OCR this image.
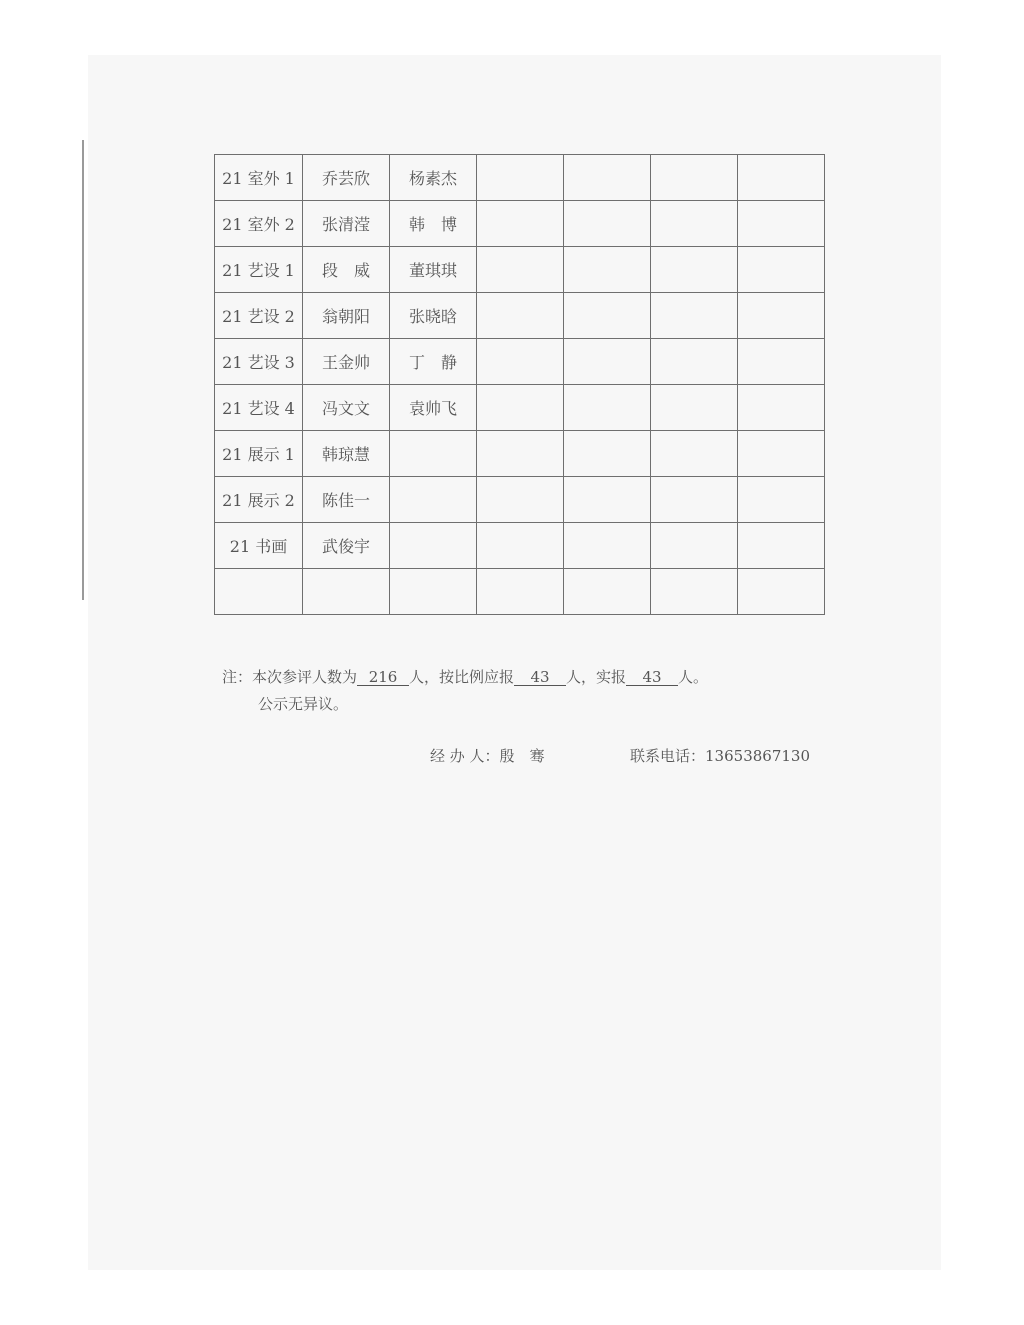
21 室外 1	乔芸欣	杨素杰				
21 室外 2	张清滢	韩　博				
21 艺设 1	段　威	董琪琪				
21 艺设 2	翁朝阳	张晓晗				
21 艺设 3	王金帅	丁　静				
21 艺设 4	冯文文	袁帅飞				
21 展示 1	韩琼慧					
21 展示 2	陈佳一					
21 书画	武俊宇					

注：本次参评人数为 216 人，按比例应报 43 人，实报 43 人。
公示无异议。
经 办 人：殷　骞	联系电话：13653867130
